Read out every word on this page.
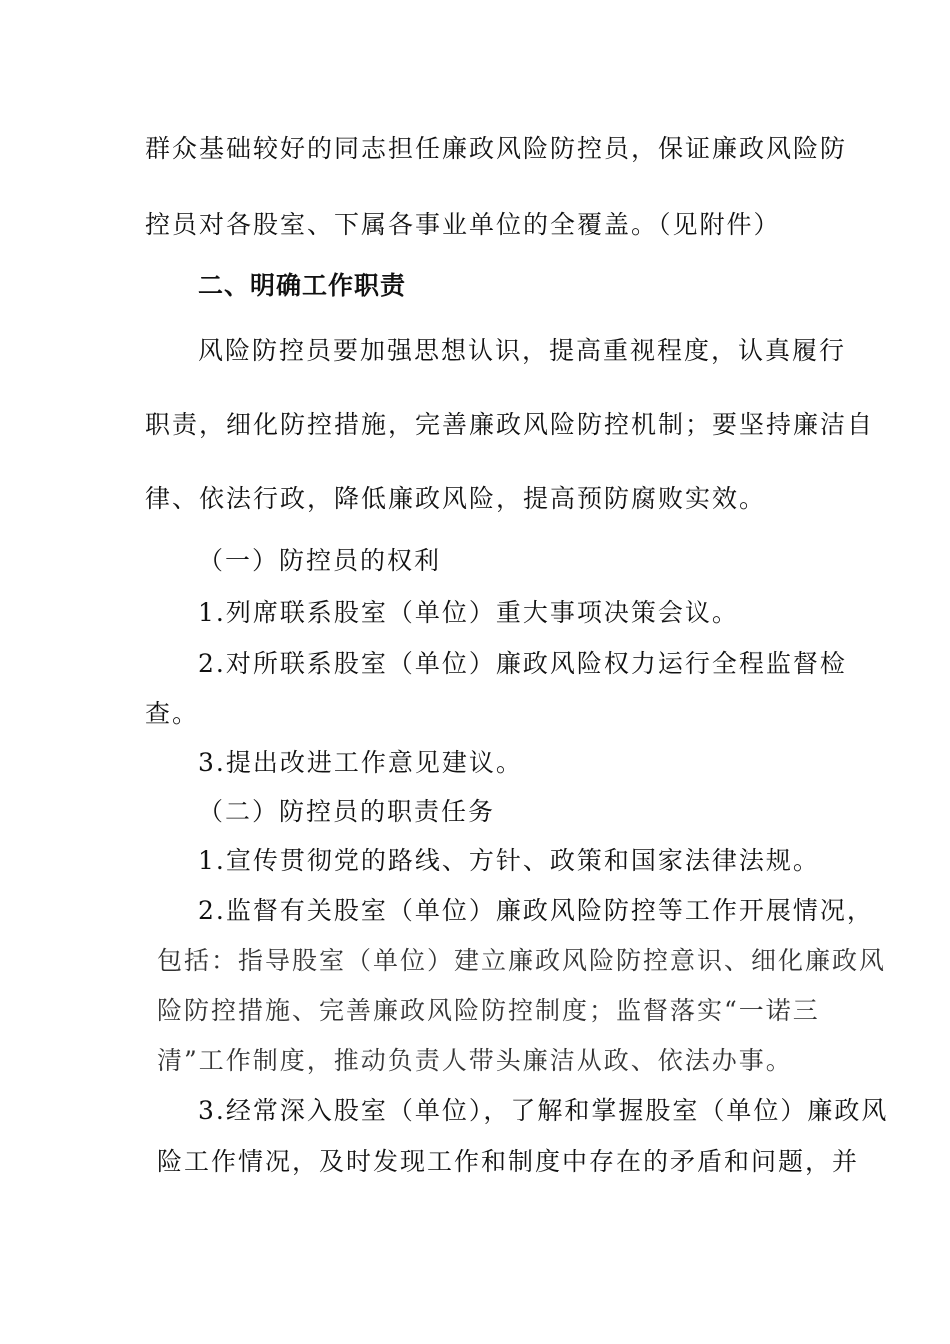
群众基础较好的同志担任廉政风险防控员，保证廉政风险防
控员对各股室、下属各事业单位的全覆盖。（见附件）
二、明确工作职责
风险防控员要加强思想认识，提高重视程度，认真履行
职责，细化防控措施，完善廉政风险防控机制；要坚持廉洁自
律、依法行政，降低廉政风险，提高预防腐败实效。
（一）防控员的权利
1.列席联系股室（单位）重大事项决策会议。
2.对所联系股室（单位）廉政风险权力运行全程监督检
查。
3.提出改进工作意见建议。
（二）防控员的职责任务
1.宣传贯彻党的路线、方针、政策和国家法律法规。
2.监督有关股室（单位）廉政风险防控等工作开展情况，
包括：指导股室（单位）建立廉政风险防控意识、细化廉政风
险防控措施、完善廉政风险防控制度；监督落实“一诺三
清”工作制度，推动负责人带头廉洁从政、依法办事。
3.经常深入股室（单位），了解和掌握股室（单位）廉政风
险工作情况，及时发现工作和制度中存在的矛盾和问题，并
